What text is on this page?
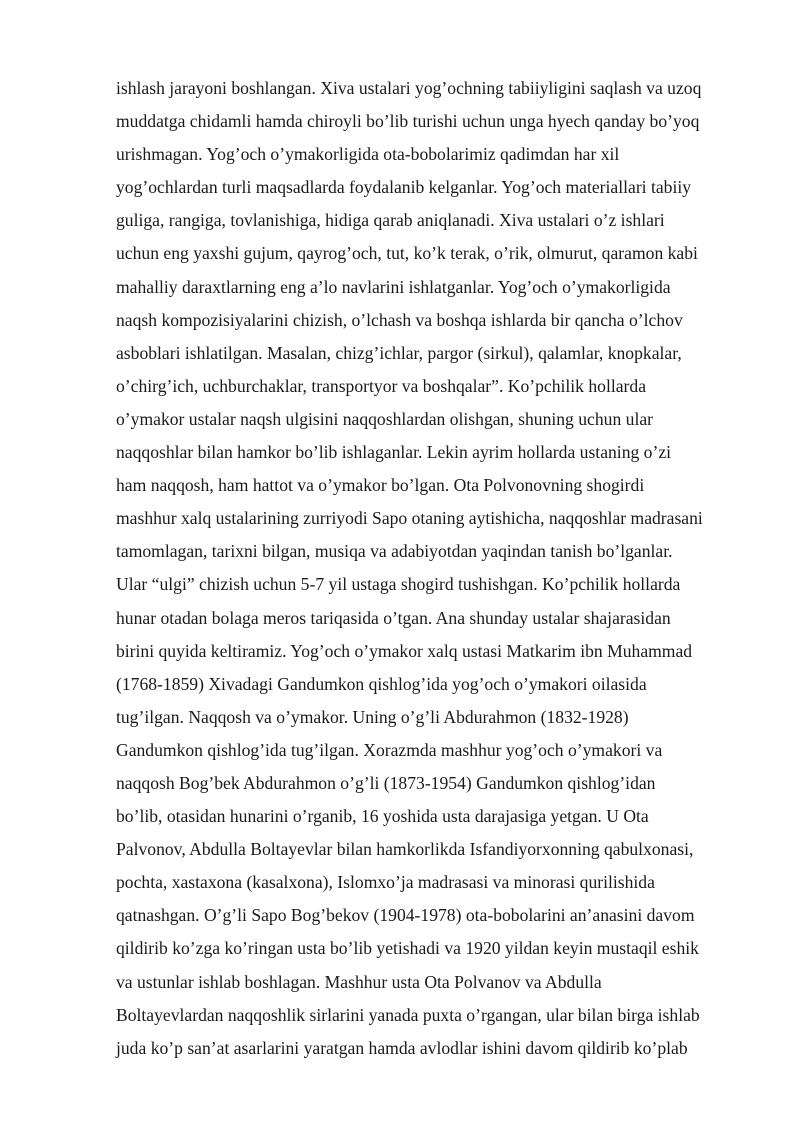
ishlash jarayoni boshlangan. Xiva ustalari yog’ochning tabiiyligini saqlash va uzoq
muddatga chidamli hamda chiroyli bo’lib turishi uchun unga hyech qanday bo’yoq
urishmagan. Yog’och o’ymakorligida ota-bobolarimiz qadimdan har xil
yog’ochlardan turli maqsadlarda foydalanib kelganlar. Yog’och materiallari tabiiy
guliga, rangiga, tovlanishiga, hidiga qarab aniqlanadi. Xiva ustalari o’z ishlari
uchun eng yaxshi gujum, qayrog’och, tut, ko’k terak, o’rik, olmurut, qaramon kabi
mahalliy daraxtlarning eng a’lo navlarini ishlatganlar. Yog’och o’ymakorligida
naqsh kompozisiyalarini chizish, o’lchash va boshqa ishlarda bir qancha o’lchov
asboblari ishlatilgan. Masalan, chizg’ichlar, pargor (sirkul), qalamlar, knopkalar,
o’chirg’ich, uchburchaklar, transportyor va boshqalar”. Ko’pchilik hollarda
o’ymakor ustalar naqsh ulgisini naqqoshlardan olishgan, shuning uchun ular
naqqoshlar bilan hamkor bo’lib ishlaganlar. Lekin ayrim hollarda ustaning o’zi
ham naqqosh, ham hattot va o’ymakor bo’lgan. Ota Polvonovning shogirdi
mashhur xalq ustalarining zurriyodi Sapo otaning aytishicha, naqqoshlar madrasani
tamomlagan, tarixni bilgan, musiqa va adabiyotdan yaqindan tanish bo’lganlar.
Ular “ulgi” chizish uchun 5-7 yil ustaga shogird tushishgan. Ko’pchilik hollarda
hunar otadan bolaga meros tariqasida o’tgan. Ana shunday ustalar shajarasidan
birini quyida keltiramiz. Yog’och o’ymakor xalq ustasi Matkarim ibn Muhammad
(1768-1859) Xivadagi Gandumkon qishlog’ida yog’och o’ymakori oilasida
tug’ilgan. Naqqosh va o’ymakor. Uning o’g’li Abdurahmon (1832-1928)
Gandumkon qishlog’ida tug’ilgan. Xorazmda mashhur yog’och o’ymakori va
naqqosh Bog’bek Abdurahmon o’g’li (1873-1954) Gandumkon qishlog’idan
bo’lib, otasidan hunarini o’rganib, 16 yoshida usta darajasiga yetgan. U Ota
Palvonov, Abdulla Boltayevlar bilan hamkorlikda Isfandiyorxonning qabulxonasi,
pochta, xastaxona (kasalxona), Islomxo’ja madrasasi va minorasi qurilishida
qatnashgan. O’g’li Sapo Bog’bekov (1904-1978) ota-bobolarini an’anasini davom
qildirib ko’zga ko’ringan usta bo’lib yetishadi va 1920 yildan keyin mustaqil eshik
va ustunlar ishlab boshlagan. Mashhur usta Ota Polvanov va Abdulla
Boltayevlardan naqqoshlik sirlarini yanada puxta o’rgangan, ular bilan birga ishlab
juda ko’p san’at asarlarini yaratgan hamda avlodlar ishini davom qildirib ko’plab
